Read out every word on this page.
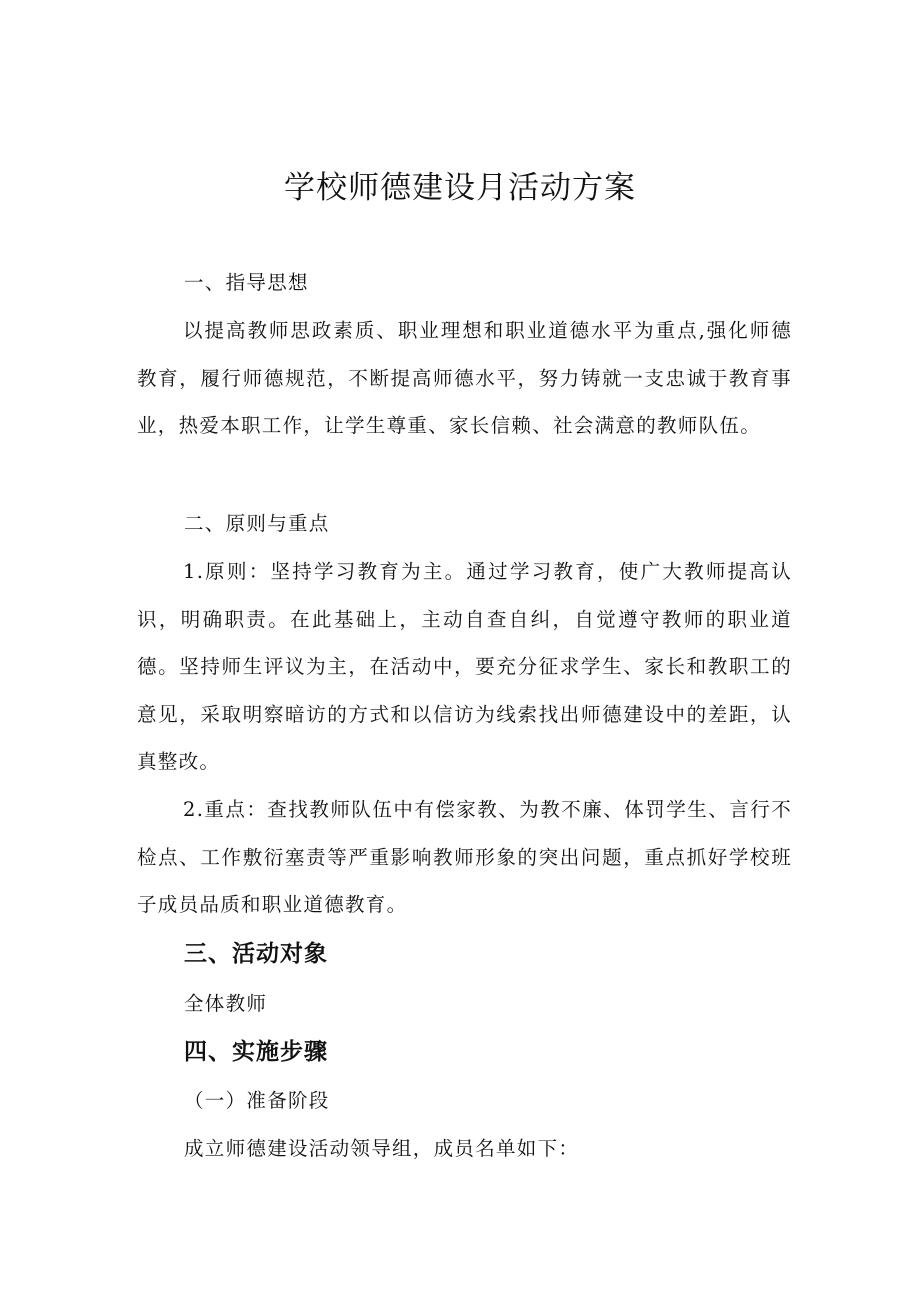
学校师德建设月活动方案

一、指导思想

以提高教师思政素质、职业理想和职业道德水平为重点,强化师德教育，履行师德规范，不断提高师德水平，努力铸就一支忠诚于教育事业，热爱本职工作，让学生尊重、家长信赖、社会满意的教师队伍。

二、原则与重点

1.原则：坚持学习教育为主。通过学习教育，使广大教师提高认识，明确职责。在此基础上，主动自查自纠，自觉遵守教师的职业道德。坚持师生评议为主，在活动中，要充分征求学生、家长和教职工的意见，采取明察暗访的方式和以信访为线索找出师德建设中的差距，认真整改。

2.重点：查找教师队伍中有偿家教、为教不廉、体罚学生、言行不检点、工作敷衍塞责等严重影响教师形象的突出问题，重点抓好学校班子成员品质和职业道德教育。

三、活动对象

全体教师

四、实施步骤

（一）准备阶段

成立师德建设活动领导组，成员名单如下：
